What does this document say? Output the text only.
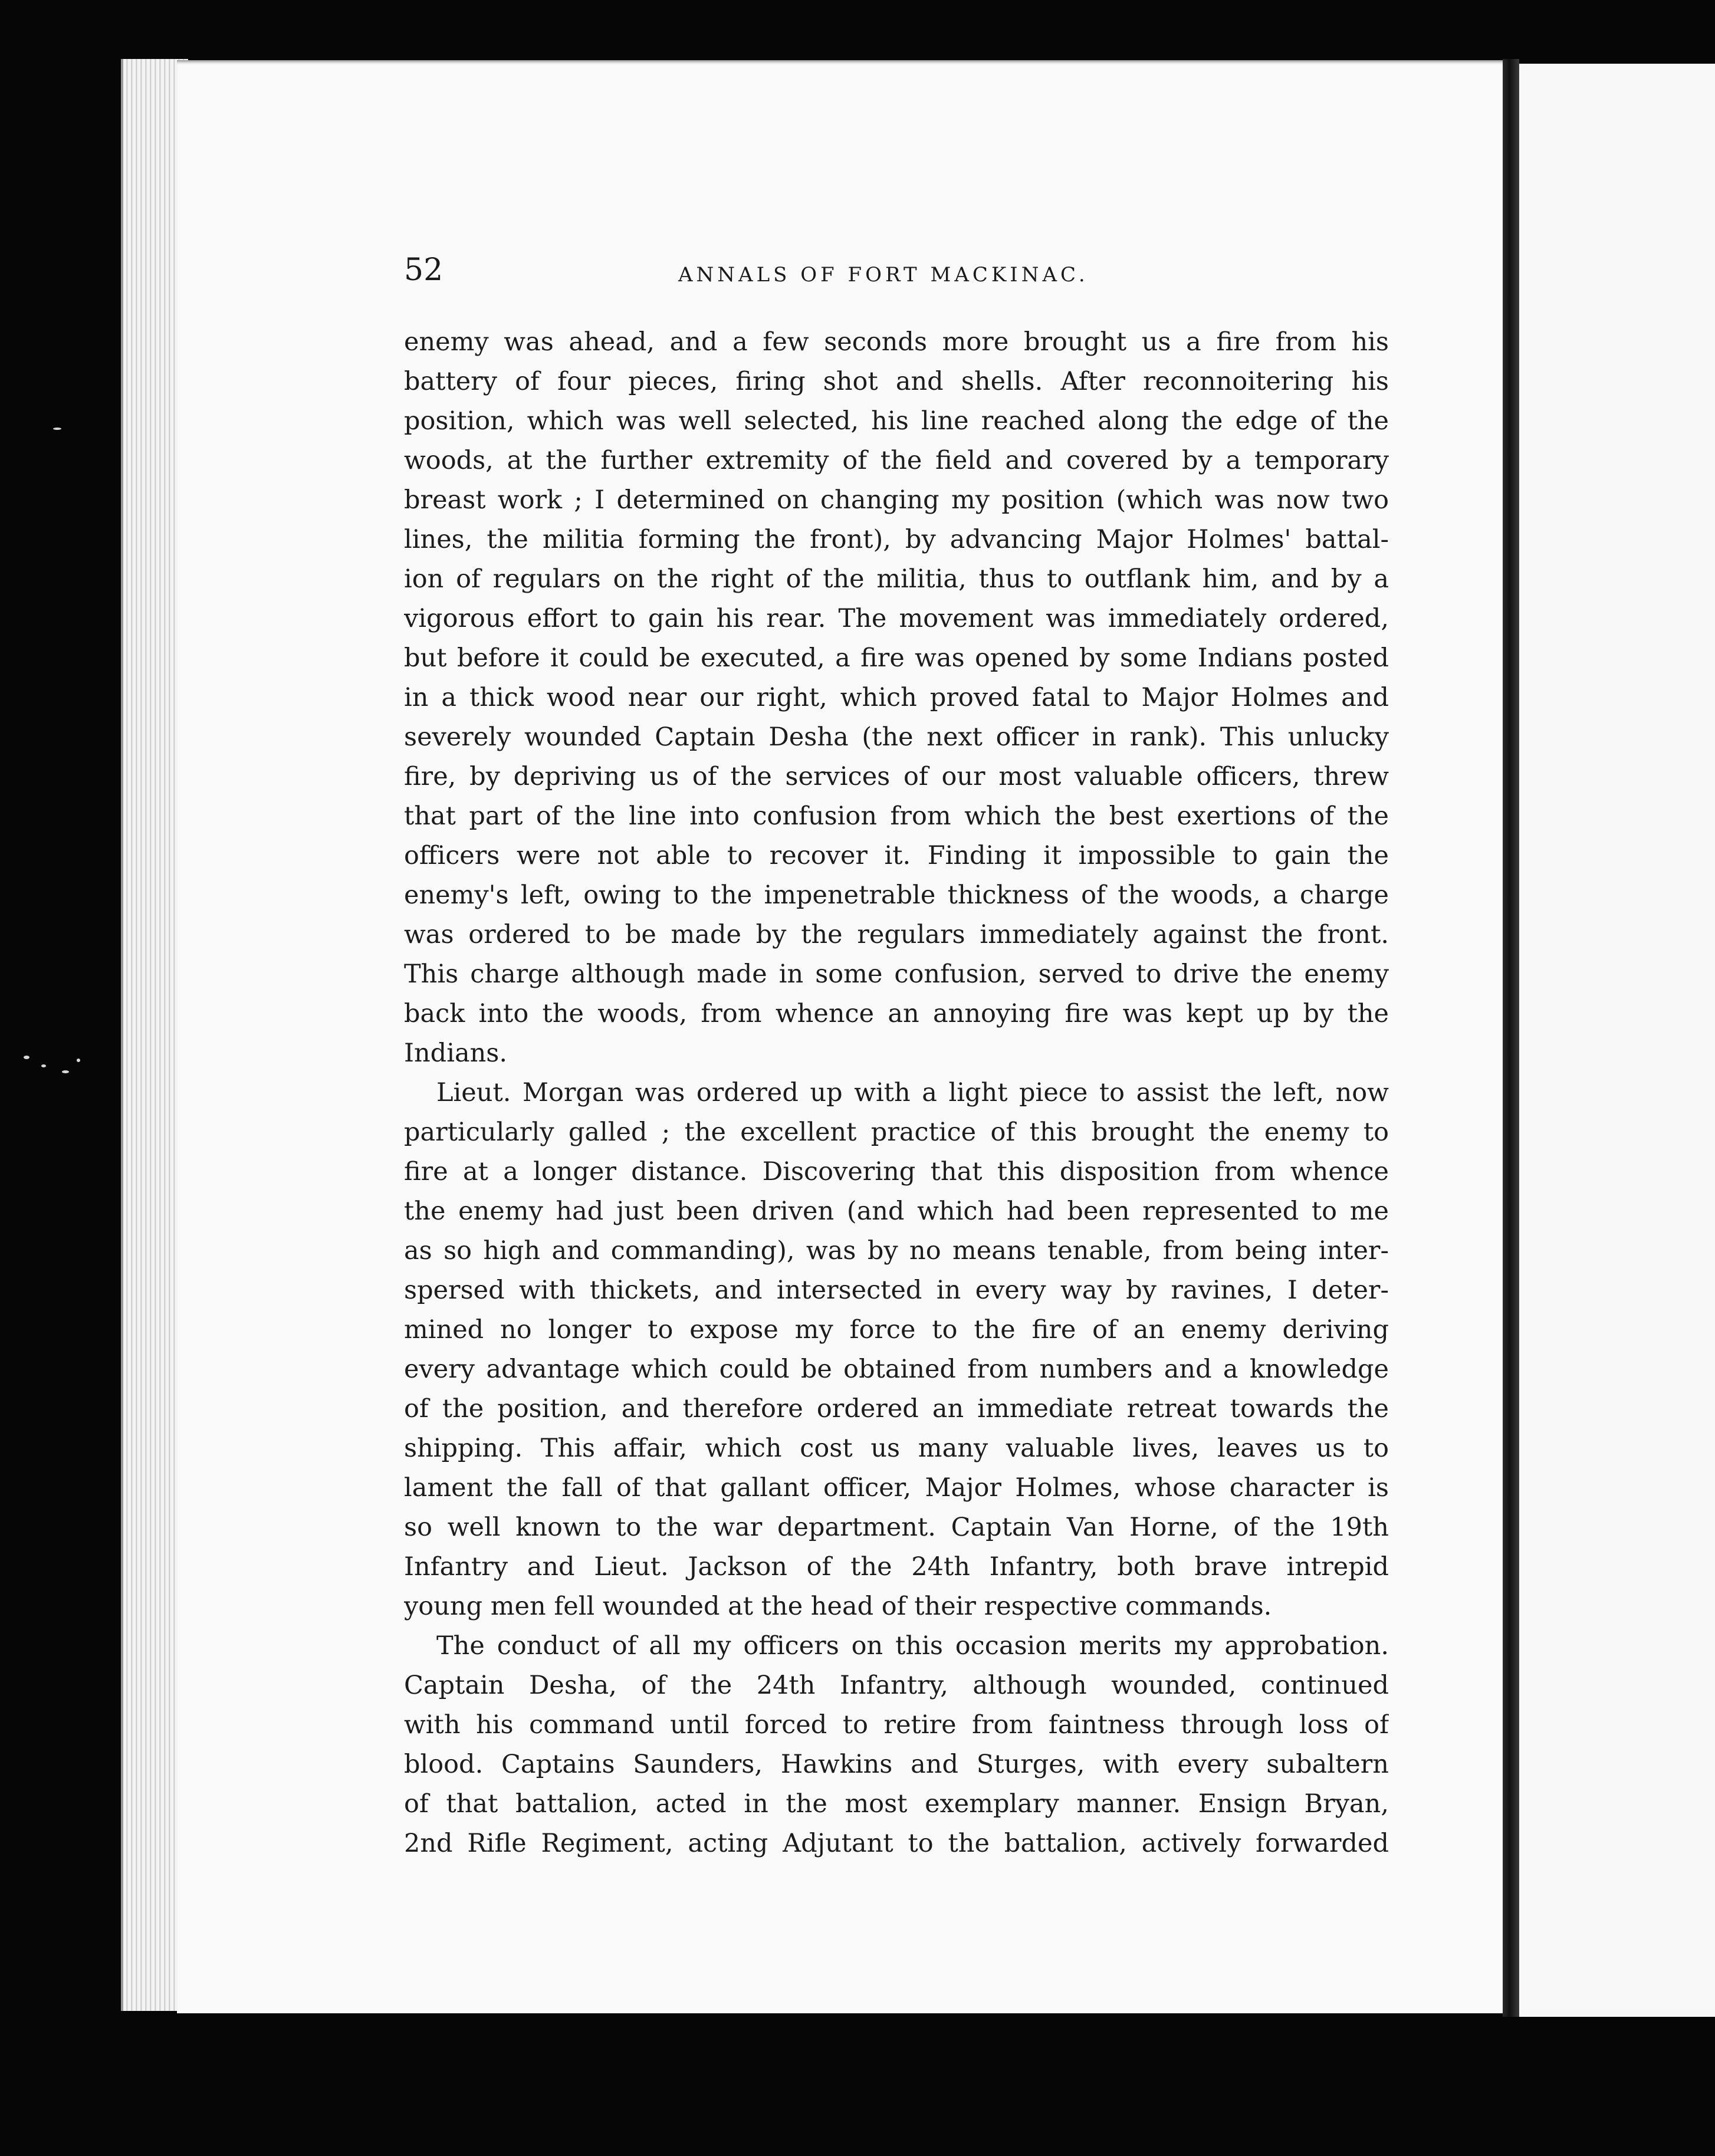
52	ANNALS OF FORT MACKINAC.
enemy was ahead, and a few seconds more brought us a fire from his
battery of four pieces, firing shot and shells. After reconnoitering his
position, which was well selected, his line reached along the edge of the
woods, at the further extremity of the field and covered by a temporary
breast work ; I determined on changing my position (which was now two
lines, the militia forming the front), by advancing Major Holmes' battal-
ion of regulars on the right of the militia, thus to outflank him, and by a
vigorous effort to gain his rear. The movement was immediately ordered,
but before it could be executed, a fire was opened by some Indians posted
in a thick wood near our right, which proved fatal to Major Holmes and
severely wounded Captain Desha (the next officer in rank). This unlucky
fire, by depriving us of the services of our most valuable officers, threw
that part of the line into confusion from which the best exertions of the
officers were not able to recover it. Finding it impossible to gain the
enemy's left, owing to the impenetrable thickness of the woods, a charge
was ordered to be made by the regulars immediately against the front.
This charge although made in some confusion, served to drive the enemy
back into the woods, from whence an annoying fire was kept up by the
Indians.
Lieut. Morgan was ordered up with a light piece to assist the left, now
particularly galled ; the excellent practice of this brought the enemy to
fire at a longer distance. Discovering that this disposition from whence
the enemy had just been driven (and which had been represented to me
as so high and commanding), was by no means tenable, from being inter-
spersed with thickets, and intersected in every way by ravines, I deter-
mined no longer to expose my force to the fire of an enemy deriving
every advantage which could be obtained from numbers and a knowledge
of the position, and therefore ordered an immediate retreat towards the
shipping. This affair, which cost us many valuable lives, leaves us to
lament the fall of that gallant officer, Major Holmes, whose character is
so well known to the war department. Captain Van Horne, of the 19th
Infantry and Lieut. Jackson of the 24th Infantry, both brave intrepid
young men fell wounded at the head of their respective commands.
The conduct of all my officers on this occasion merits my approbation.
Captain Desha, of the 24th Infantry, although wounded, continued
with his command until forced to retire from faintness through loss of
blood. Captains Saunders, Hawkins and Sturges, with every subaltern
of that battalion, acted in the most exemplary manner. Ensign Bryan,
2nd Rifle Regiment, acting Adjutant to the battalion, actively forwarded
